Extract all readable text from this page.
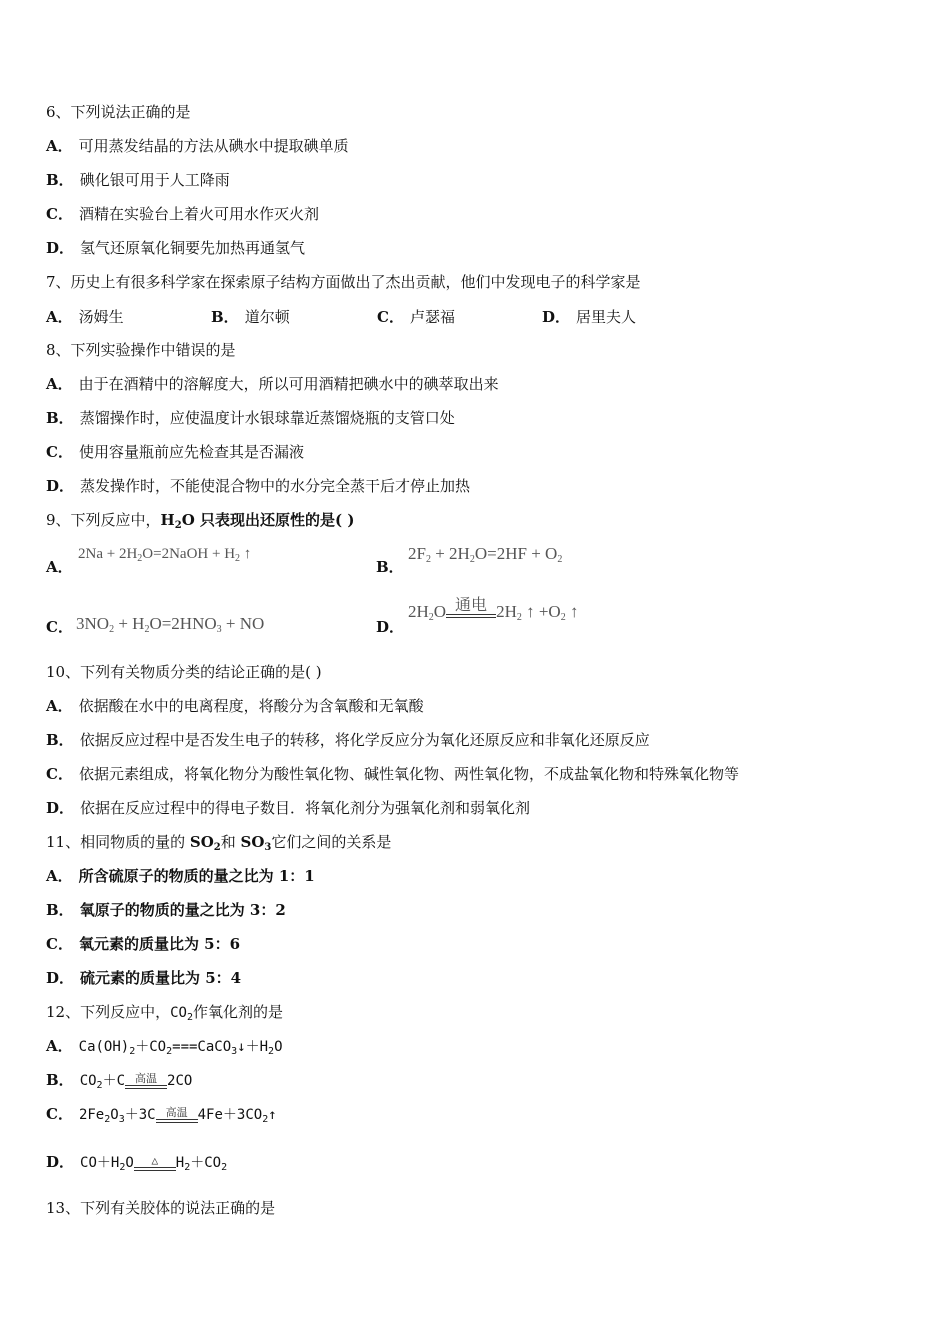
6、下列说法正确的是
A． 可用蒸发结晶的方法从碘水中提取碘单质
B． 碘化银可用于人工降雨
C． 酒精在实验台上着火可用水作灭火剂
D． 氢气还原氧化铜要先加热再通氢气
7、历史上有很多科学家在探索原子结构方面做出了杰出贡献，他们中发现电子的科学家是
A． 汤姆生	B． 道尔顿	C． 卢瑟福	D． 居里夫人
8、下列实验操作中错误的是
A． 由于在酒精中的溶解度大，所以可用酒精把碘水中的碘萃取出来
B． 蒸馏操作时，应使温度计水银球靠近蒸馏烧瓶的支管口处
C． 使用容量瓶前应先检查其是否漏液
D． 蒸发操作时，不能使混合物中的水分完全蒸干后才停止加热
9、下列反应中，$H_2O$ 只表现出还原性的是( )
A．
$2Na + 2H_2O=2NaOH + H_2$ ↑
B．
$2F_2 + 2H_2O=2HF + O_2$
C． $3NO_2 + H_2O=2HNO_3$ + NO	D．
$2H_2O$ 通电 $2H_2$ ↑ $+O_2$ ↑
10、下列有关物质分类的结论正确的是( )
A． 依据酸在水中的电离程度，将酸分为含氧酸和无氧酸
B． 依据反应过程中是否发生电子的转移，将化学反应分为氧化还原反应和非氧化还原反应
C． 依据元素组成，将氧化物分为酸性氧化物、碱性氧化物、两性氧化物，不成盐氧化物和特殊氧化物等
D． 依据在反应过程中的得电子数目．将氧化剂分为强氧化剂和弱氧化剂
11、相同物质的量的 $SO_2$和 $SO_3$它们之间的关系是
A． 所含硫原子的物质的量之比为 1：1
B． 氧原子的物质的量之比为 3：2
C． 氧元素的质量比为 5：6
D． 硫元素的质量比为 5：4
12、下列反应中，$CO_2$作氧化剂的是
A． $Ca(OH)_2+CO_2===CaCO_3↓+H_2O$
B． $CO_2+C$ 高温 2CO
C． $2Fe_2O_3+3C$ 高温 $4Fe+3CO_2↑$
D． $CO+H_2O$	△	$H_2+CO_2$
13、下列有关胶体的说法正确的是
